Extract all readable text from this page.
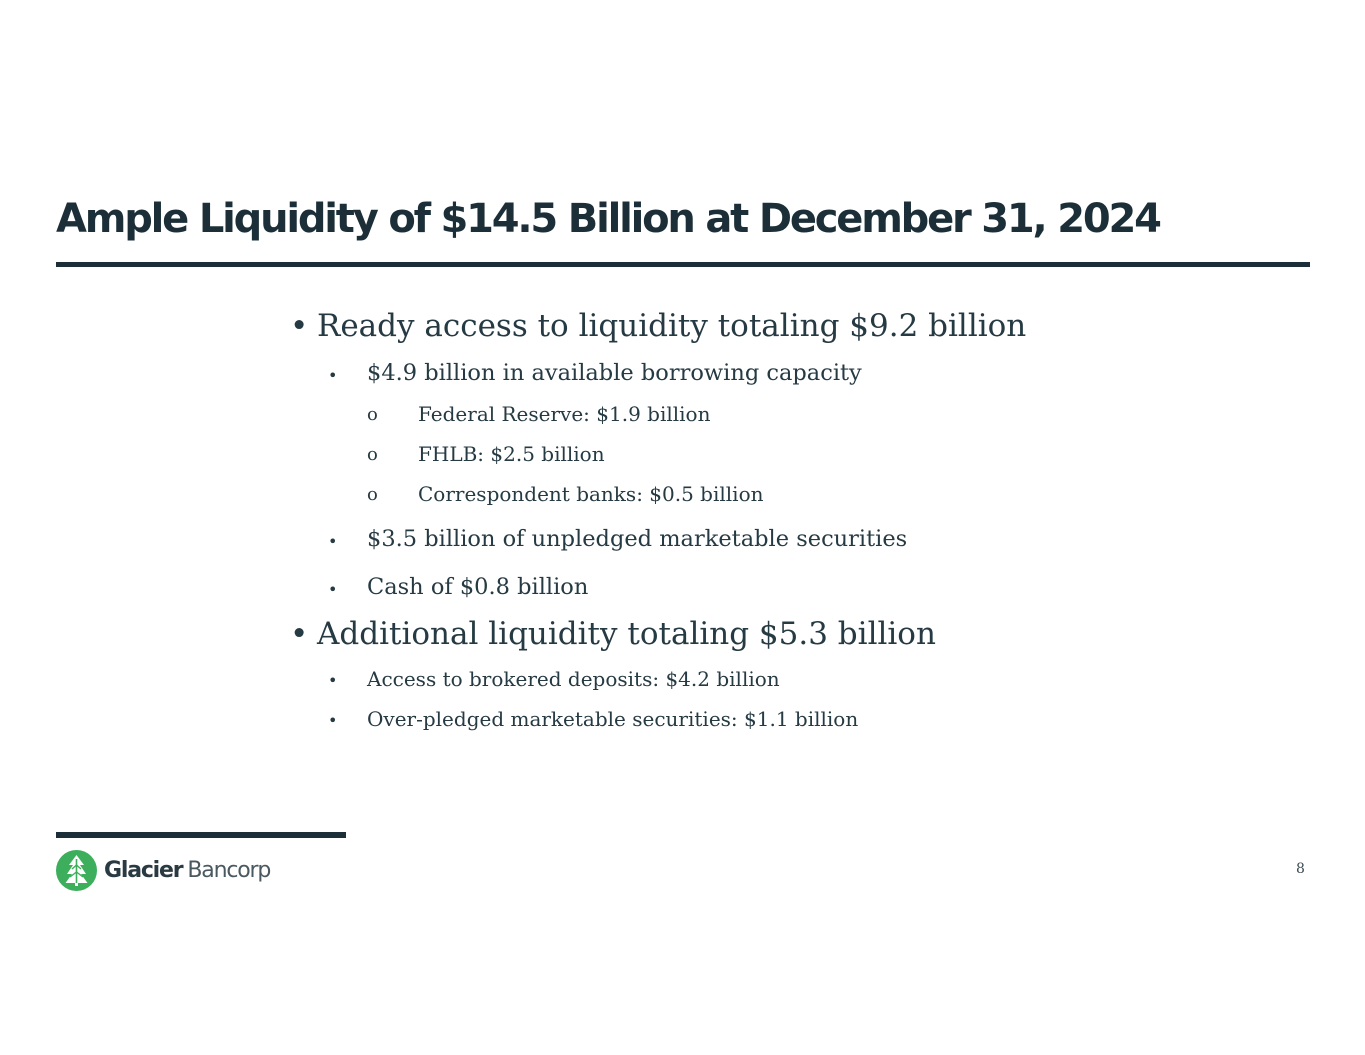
Ample Liquidity of $14.5 Billion at December 31, 2024
• Ready access to liquidity totaling $9.2 billion
• $4.9 billion in available borrowing capacity
o Federal Reserve: $1.9 billion
o FHLB: $2.5 billion
o Correspondent banks: $0.5 billion
• $3.5 billion of unpledged marketable securities
• Cash of $0.8 billion
• Additional liquidity totaling $5.3 billion
• Access to brokered deposits: $4.2 billion
• Over-pledged marketable securities: $1.1 billion
Glacier Bancorp	8
